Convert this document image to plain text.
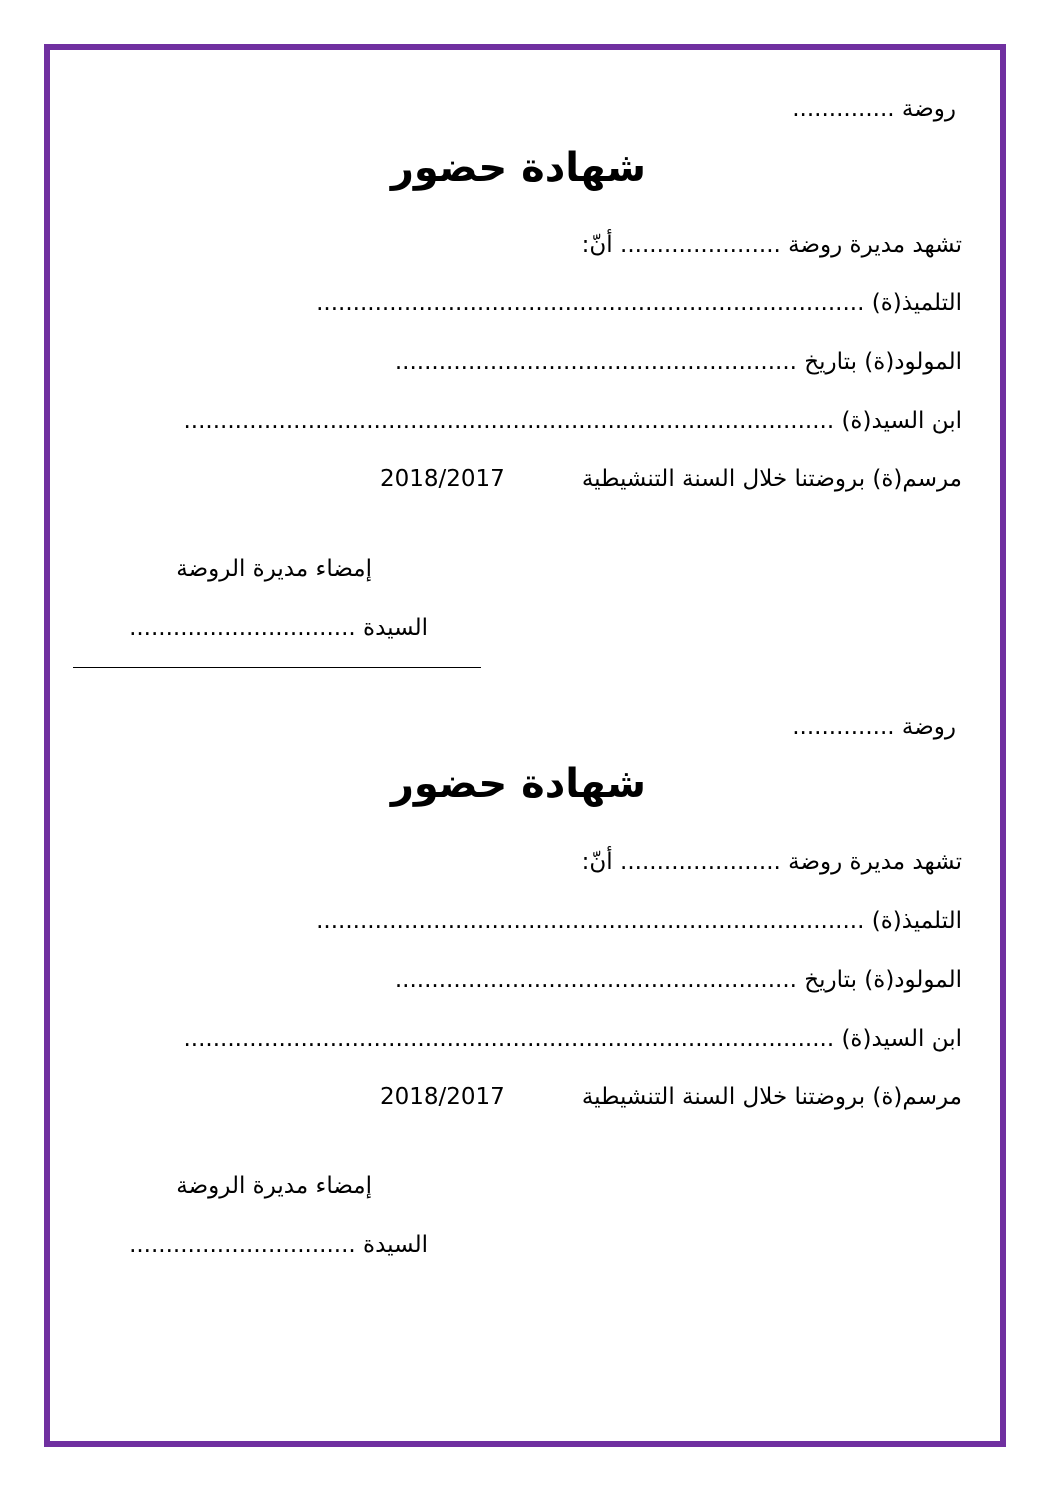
روضة ..............
شهادة حضور
تشهد مديرة روضة ...................... أنّ:
التلميذ(ة) ...........................................................................
المولود(ة) بتاريخ .......................................................
ابن السيد(ة) .........................................................................................
مرسم(ة) بروضتنا خلال السنة التنشيطية
2018/2017
إمضاء مديرة الروضة
السيدة ...............................
روضة ..............
شهادة حضور
تشهد مديرة روضة ...................... أنّ:
التلميذ(ة) ...........................................................................
المولود(ة) بتاريخ .......................................................
ابن السيد(ة) .........................................................................................
مرسم(ة) بروضتنا خلال السنة التنشيطية
2018/2017
إمضاء مديرة الروضة
السيدة ...............................
